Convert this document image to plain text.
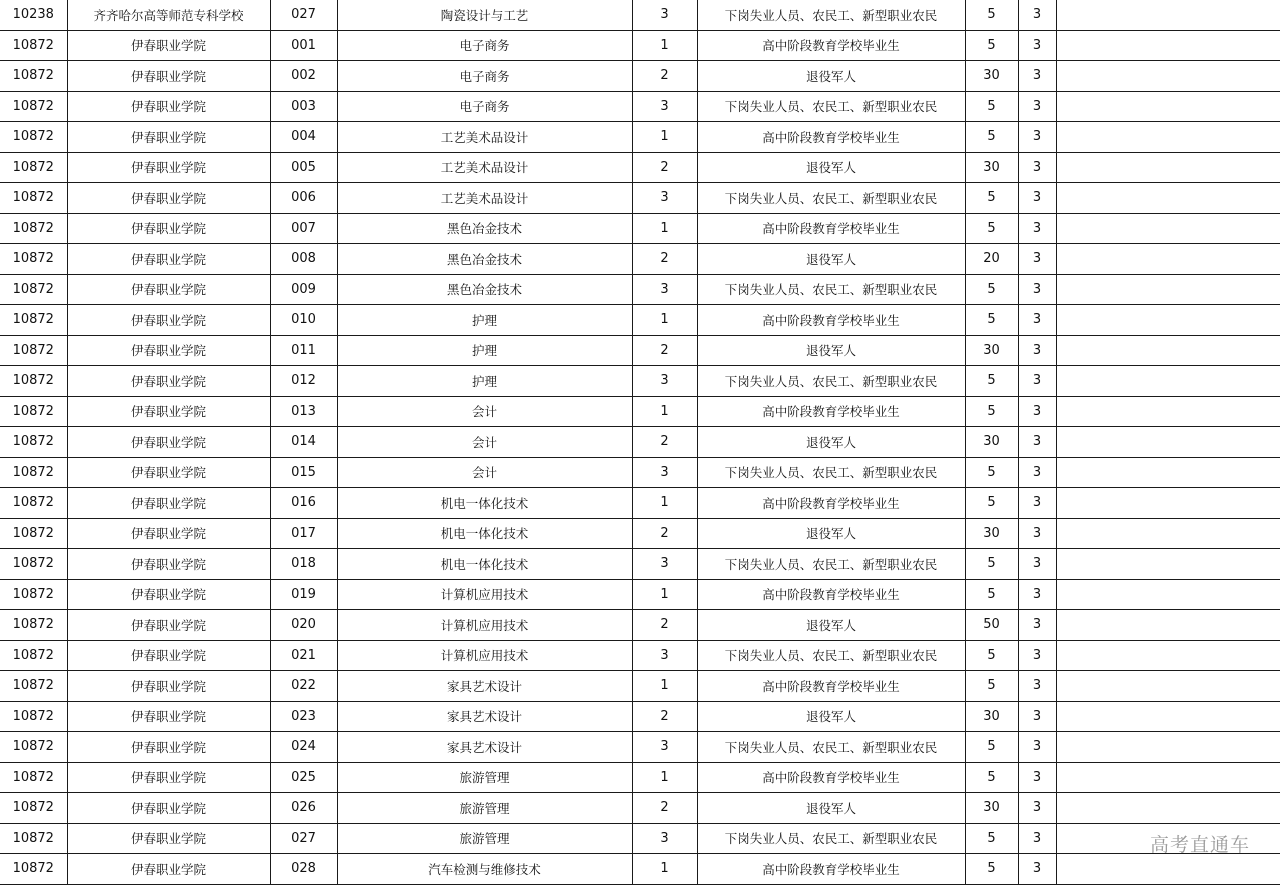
10238	齐齐哈尔高等师范专科学校	027	陶瓷设计与工艺	3	下岗失业人员、农民工、新型职业农民	5	3	
10872	伊春职业学院	001	电子商务	1	高中阶段教育学校毕业生	5	3	
10872	伊春职业学院	002	电子商务	2	退役军人	30	3	
10872	伊春职业学院	003	电子商务	3	下岗失业人员、农民工、新型职业农民	5	3	
10872	伊春职业学院	004	工艺美术品设计	1	高中阶段教育学校毕业生	5	3	
10872	伊春职业学院	005	工艺美术品设计	2	退役军人	30	3	
10872	伊春职业学院	006	工艺美术品设计	3	下岗失业人员、农民工、新型职业农民	5	3	
10872	伊春职业学院	007	黑色冶金技术	1	高中阶段教育学校毕业生	5	3	
10872	伊春职业学院	008	黑色冶金技术	2	退役军人	20	3	
10872	伊春职业学院	009	黑色冶金技术	3	下岗失业人员、农民工、新型职业农民	5	3	
10872	伊春职业学院	010	护理	1	高中阶段教育学校毕业生	5	3	
10872	伊春职业学院	011	护理	2	退役军人	30	3	
10872	伊春职业学院	012	护理	3	下岗失业人员、农民工、新型职业农民	5	3	
10872	伊春职业学院	013	会计	1	高中阶段教育学校毕业生	5	3	
10872	伊春职业学院	014	会计	2	退役军人	30	3	
10872	伊春职业学院	015	会计	3	下岗失业人员、农民工、新型职业农民	5	3	
10872	伊春职业学院	016	机电一体化技术	1	高中阶段教育学校毕业生	5	3	
10872	伊春职业学院	017	机电一体化技术	2	退役军人	30	3	
10872	伊春职业学院	018	机电一体化技术	3	下岗失业人员、农民工、新型职业农民	5	3	
10872	伊春职业学院	019	计算机应用技术	1	高中阶段教育学校毕业生	5	3	
10872	伊春职业学院	020	计算机应用技术	2	退役军人	50	3	
10872	伊春职业学院	021	计算机应用技术	3	下岗失业人员、农民工、新型职业农民	5	3	
10872	伊春职业学院	022	家具艺术设计	1	高中阶段教育学校毕业生	5	3	
10872	伊春职业学院	023	家具艺术设计	2	退役军人	30	3	
10872	伊春职业学院	024	家具艺术设计	3	下岗失业人员、农民工、新型职业农民	5	3	
10872	伊春职业学院	025	旅游管理	1	高中阶段教育学校毕业生	5	3	
10872	伊春职业学院	026	旅游管理	2	退役军人	30	3	
10872	伊春职业学院	027	旅游管理	3	下岗失业人员、农民工、新型职业农民	5	3	
10872	伊春职业学院	028	汽车检测与维修技术	1	高中阶段教育学校毕业生	5	3	
高考直通车
